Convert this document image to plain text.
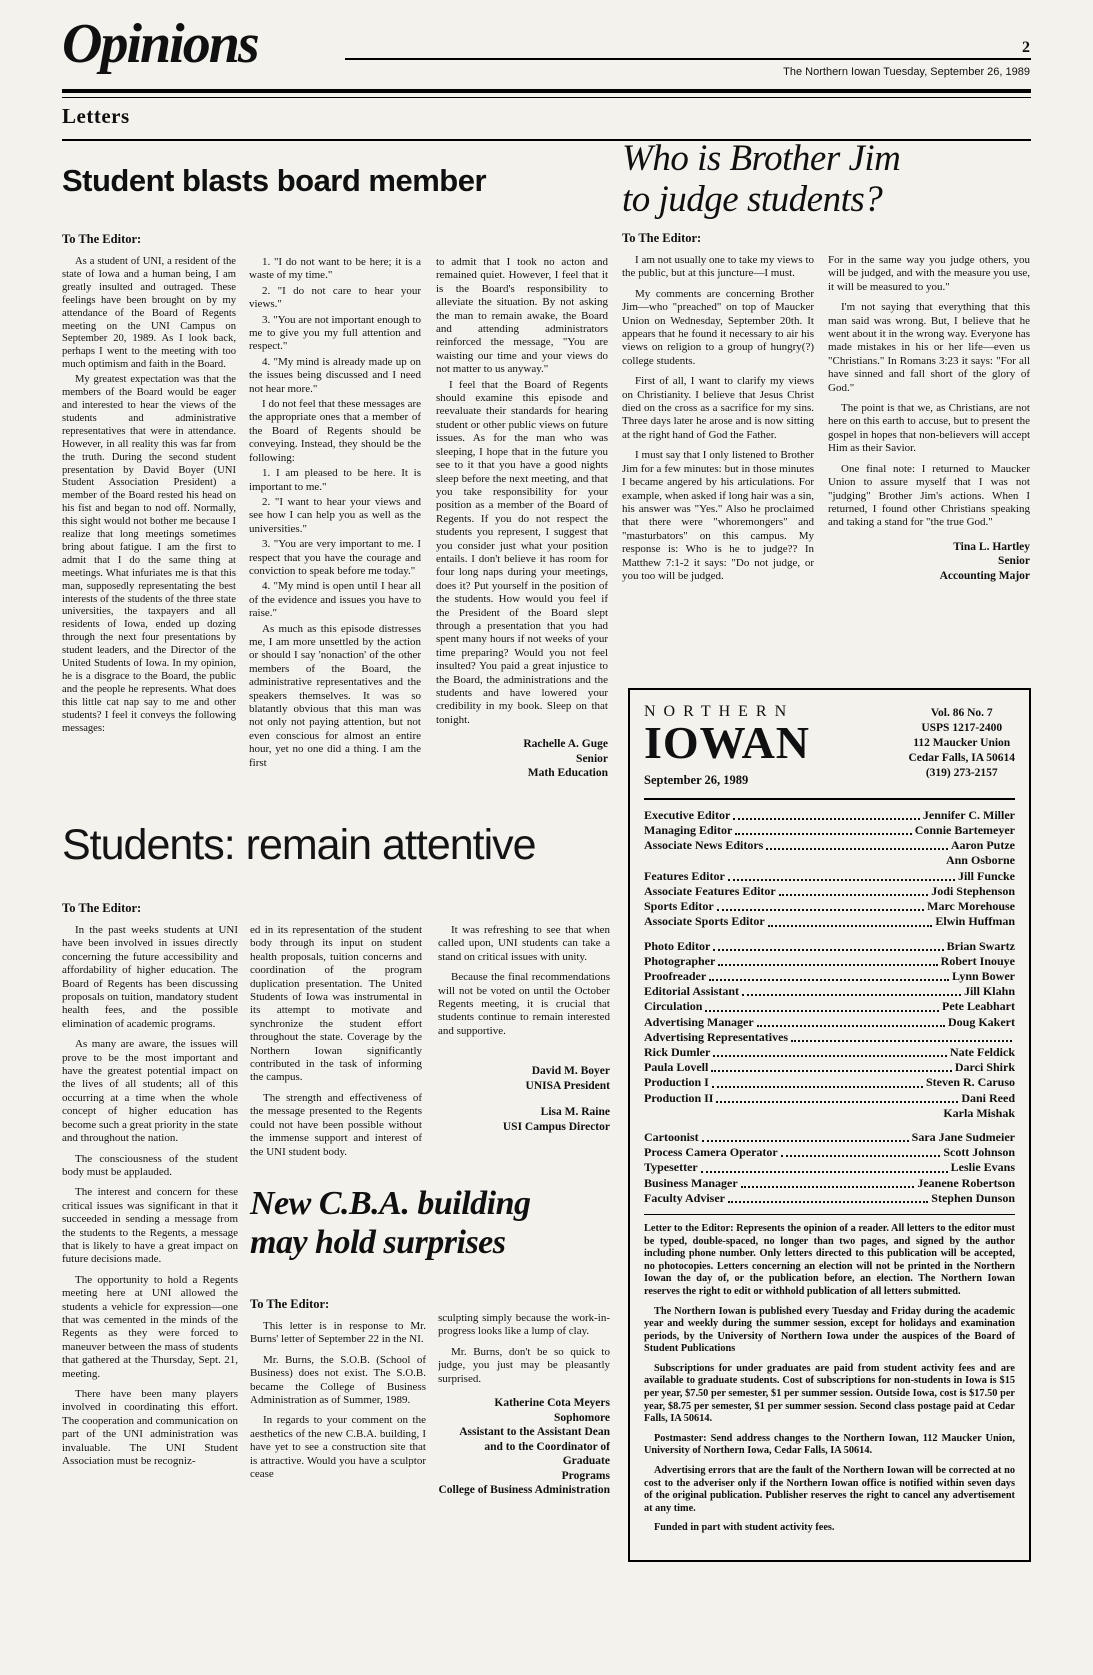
Opinions	2
The Northern Iowan Tuesday, September 26, 1989
Letters
Student blasts board member
To The Editor:

As a student of UNI, a resident of the state of Iowa and a human being, I am greatly insulted and outraged. These feelings have been brought on by my attendance of the Board of Regents meeting on the UNI Campus on September 20, 1989. As I look back, perhaps I went to the meeting with too much optimism and faith in the Board.

My greatest expectation was that the members of the Board would be eager and interested to hear the views of the students and administrative representatives that were in attendance. However, in all reality this was far from the truth. During the second student presentation by David Boyer (UNI Student Association President) a member of the Board rested his head on his fist and began to nod off. Normally, this sight would not bother me because I realize that long meetings sometimes bring about fatigue. I am the first to admit that I do the same thing at meetings. What infuriates me is that this man, supposedly representating the best interests of the students of the three state universities, the taxpayers and all residents of Iowa, ended up dozing through the next four presentations by student leaders, and the Director of the United Students of Iowa. In my opinion, he is a disgrace to the Board, the public and the people he represents. What does this little cat nap say to me and other students? I feel it conveys the following messages:

1. "I do not want to be here; it is a waste of my time."

2. "I do not care to hear your views."

3. "You are not important enough to me to give you my full attention and respect."

4. "My mind is already made up on the issues being discussed and I need not hear more."

I do not feel that these messages are the appropriate ones that a member of the Board of Regents should be conveying. Instead, they should be the following:

1. I am pleased to be here. It is important to me."

2. "I want to hear your views and see how I can help you as well as the universities."

3. "You are very important to me. I respect that you have the courage and conviction to speak before me today."

4. "My mind is open until I hear all of the evidence and issues you have to raise."

As much as this episode distresses me, I am more unsettled by the action or should I say 'nonaction' of the other members of the Board, the administrative representatives and the speakers themselves. It was so blatantly obvious that this man was not only not paying attention, but not even conscious for almost an entire hour, yet no one did a thing. I am the first

to admit that I took no acton and remained quiet. However, I feel that it is the Board's responsibility to alleviate the situation. By not asking the man to remain awake, the Board and attending administrators reinforced the message, "You are waisting our time and your views do not matter to us anyway."

I feel that the Board of Regents should examine this episode and reevaluate their standards for hearing student or other public views on future issues. As for the man who was sleeping, I hope that in the future you see to it that you have a good nights sleep before the next meeting, and that you take responsibility for your position as a member of the Board of Regents. If you do not respect the students you represent, I suggest that you consider just what your position entails. I don't believe it has room for four long naps during your meetings, does it? Put yourself in the position of the students. How would you feel if the President of the Board slept through a presentation that you had spent many hours if not weeks of your time preparing? Would you not feel insulted? You paid a great injustice to the Board, the administrations and the students and have lowered your credibility in my book. Sleep on that tonight.

Rachelle A. Guge
Senior
Math Education
Who is Brother Jim
to judge students?
To The Editor:

I am not usually one to take my views to the public, but at this juncture—I must.

My comments are concerning Brother Jim—who "preached" on top of Maucker Union on Wednesday, September 20th. It appears that he found it necessary to air his views on religion to a group of hungry(?) college students.

First of all, I want to clarify my views on Christianity. I believe that Jesus Christ died on the cross as a sacrifice for my sins. Three days later he arose and is now sitting at the right hand of God the Father.

I must say that I only listened to Brother Jim for a few minutes: but in those minutes I became angered by his articulations. For example, when asked if long hair was a sin, his answer was "Yes." Also he proclaimed that there were "whoremongers" and "masturbators" on this campus. My response is: Who is he to judge?? In Matthew 7:1-2 it says: "Do not judge, or you too will be judged.

For in the same way you judge others, you will be judged, and with the measure you use, it will be measured to you."

I'm not saying that everything that this man said was wrong. But, I believe that he went about it in the wrong way. Everyone has made mistakes in his or her life—even us "Christians." In Romans 3:23 it says: "For all have sinned and fall short of the glory of God."

The point is that we, as Christians, are not here on this earth to accuse, but to present the gospel in hopes that non-believers will accept Him as their Savior.

One final note: I returned to Maucker Union to assure myself that I was not "judging" Brother Jim's actions. When I returned, I found other Christians speaking and taking a stand for "the true God."

Tina L. Hartley
Senior
Accounting Major
NORTHERN
IOWAN
September 26, 1989
Vol. 86 No. 7
USPS 1217-2400
112 Maucker Union
Cedar Falls, IA 50614
(319) 273-2157
Executive Editor	Jennifer C. Miller
Managing Editor	Connie Bartemeyer
Associate News Editors	Aaron Putze
Ann Osborne
Features Editor	Jill Funcke
Associate Features Editor	Jodi Stephenson
Sports Editor	Marc Morehouse
Associate Sports Editor	Elwin Huffman
Photo Editor	Brian Swartz
Photographer	Robert Inouye
Proofreader	Lynn Bower
Editorial Assistant	Jill Klahn
Circulation	Pete Leabhart
Advertising Manager	Doug Kakert
Advertising Representatives
Rick Dumler	Nate Feldick
Paula Lovell	Darci Shirk
Production I	Steven R. Caruso
Production II	Dani Reed
Karla Mishak
Cartoonist	Sara Jane Sudmeier
Process Camera Operator	Scott Johnson
Typesetter	Leslie Evans
Business Manager	Jeanene Robertson
Faculty Adviser	Stephen Dunson

Letter to the Editor: Represents the opinion of a reader. All letters to the editor must be typed, double-spaced, no longer than two pages, and signed by the author including phone number. Only letters directed to this publication will be accepted, no photocopies. Letters concerning an election will not be printed in the Northern Iowan the day of, or the publication before, an election. The Northern Iowan reserves the right to edit or withhold publication of all letters submitted.

The Northern Iowan is published every Tuesday and Friday during the academic year and weekly during the summer session, except for holidays and examination periods, by the University of Northern Iowa under the auspices of the Board of Student Publications

Subscriptions for under graduates are paid from student activity fees and are available to graduate students. Cost of subscriptions for non-students in Iowa is $15 per year, $7.50 per semester, $1 per summer session. Outside Iowa, cost is $17.50 per year, $8.75 per semester, $1 per summer session. Second class postage paid at Cedar Falls, IA 50614.

Postmaster: Send address changes to the Northern Iowan, 112 Maucker Union, University of Northern Iowa, Cedar Falls, IA 50614.

Advertising errors that are the fault of the Northern Iowan will be corrected at no cost to the adveriser only if the Northern Iowan office is notified within seven days of the original publication. Publisher reserves the right to cancel any advertisement at any time.

Funded in part with student activity fees.

Students: remain attentive
To The Editor:

In the past weeks students at UNI have been involved in issues directly concerning the future accessibility and affordability of higher education. The Board of Regents has been discussing proposals on tuition, mandatory student health fees, and the possible elimination of academic programs.

As many are aware, the issues will prove to be the most important and have the greatest potential impact on the lives of all students; all of this occurring at a time when the whole concept of higher education has become such a great priority in the state and throughout the nation.

The consciousness of the student body must be applauded.

The interest and concern for these critical issues was significant in that it succeeded in sending a message from the students to the Regents, a message that is likely to have a great impact on future decisions made.

The opportunity to hold a Regents meeting here at UNI allowed the students a vehicle for expression—one that was cemented in the minds of the Regents as they were forced to maneuver between the mass of students that gathered at the Thursday, Sept. 21, meeting.

There have been many players involved in coordinating this effort. The cooperation and communication on part of the UNI administration was invaluable. The UNI Student Association must be recogniz-

ed in its representation of the student body through its input on student health proposals, tuition concerns and coordination of the program duplication presentation. The United Students of Iowa was instrumental in its attempt to motivate and synchronize the student effort throughout the state. Coverage by the Northern Iowan significantly contributed in the task of informing the campus.

The strength and effectiveness of the message presented to the Regents could not have been possible without the immense support and interest of the UNI student body.

It was refreshing to see that when called upon, UNI students can take a stand on critical issues with unity.

Because the final recommendations will not be voted on until the October Regents meeting, it is crucial that students continue to remain interested and supportive.

David M. Boyer
UNISA President
Lisa M. Raine
USI Campus Director
New C.B.A. building
may hold surprises
To The Editor:

This letter is in response to Mr. Burns' letter of September 22 in the NI.

Mr. Burns, the S.O.B. (School of Business) does not exist. The S.O.B. became the College of Business Administration as of Summer, 1989.

In regards to your comment on the aesthetics of the new C.B.A. building, I have yet to see a construction site that is attractive. Would you have a sculptor cease

sculpting simply because the work-in-progress looks like a lump of clay.

Mr. Burns, don't be so quick to judge, you just may be pleasantly surprised.

Katherine Cota Meyers
Sophomore
Assistant to the Assistant Dean
and to the Coordinator of Graduate
Programs
College of Business Administration
